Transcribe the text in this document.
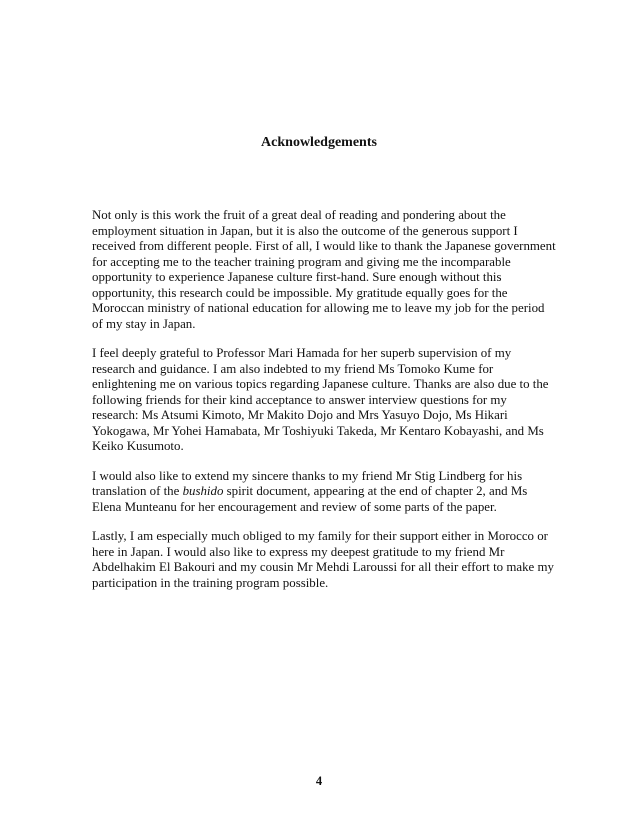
Acknowledgements

Not only is this work the fruit of a great deal of reading and pondering about the
employment situation in Japan, but it is also the outcome of the generous support I
received from different people. First of all, I would like to thank the Japanese government
for accepting me to the teacher training program and giving me the incomparable
opportunity to experience Japanese culture first-hand. Sure enough without this
opportunity, this research could be impossible. My gratitude equally goes for the
Moroccan ministry of national education for allowing me to leave my job for the period
of my stay in Japan.

I feel deeply grateful to Professor Mari Hamada for her superb supervision of my
research and guidance. I am also indebted to my friend Ms Tomoko Kume for
enlightening me on various topics regarding Japanese culture. Thanks are also due to the
following friends for their kind acceptance to answer interview questions for my
research: Ms Atsumi Kimoto, Mr Makito Dojo and Mrs Yasuyo Dojo, Ms Hikari
Yokogawa, Mr Yohei Hamabata, Mr Toshiyuki Takeda, Mr Kentaro Kobayashi, and Ms
Keiko Kusumoto.

I would also like to extend my sincere thanks to my friend Mr Stig Lindberg for his
translation of the bushido spirit document, appearing at the end of chapter 2, and Ms
Elena Munteanu for her encouragement and review of some parts of the paper.

Lastly, I am especially much obliged to my family for their support either in Morocco or
here in Japan. I would also like to express my deepest gratitude to my friend Mr
Abdelhakim El Bakouri and my cousin Mr Mehdi Laroussi for all their effort to make my
participation in the training program possible.

4
